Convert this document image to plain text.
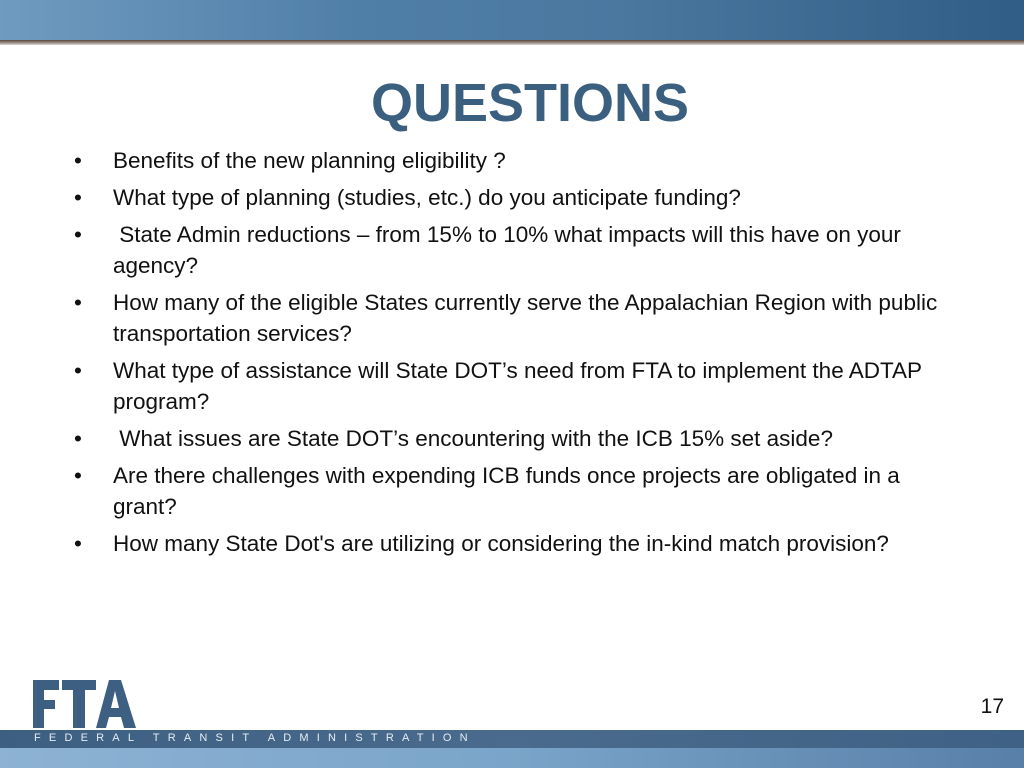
QUESTIONS
• Benefits of the new planning eligibility ?
• What type of planning (studies, etc.) do you anticipate funding?
• State Admin reductions – from 15% to 10% what impacts will this have on your agency?
• How many of the eligible States currently serve the Appalachian Region with public transportation services?
• What type of assistance will State DOT’s need from FTA to implement the ADTAP program?
• What issues are State DOT’s encountering with the ICB 15% set aside?
• Are there challenges with expending ICB funds once projects are obligated in a grant?
• How many State Dot's are utilizing or considering the in-kind match provision?
17
FEDERAL TRANSIT ADMINISTRATION
